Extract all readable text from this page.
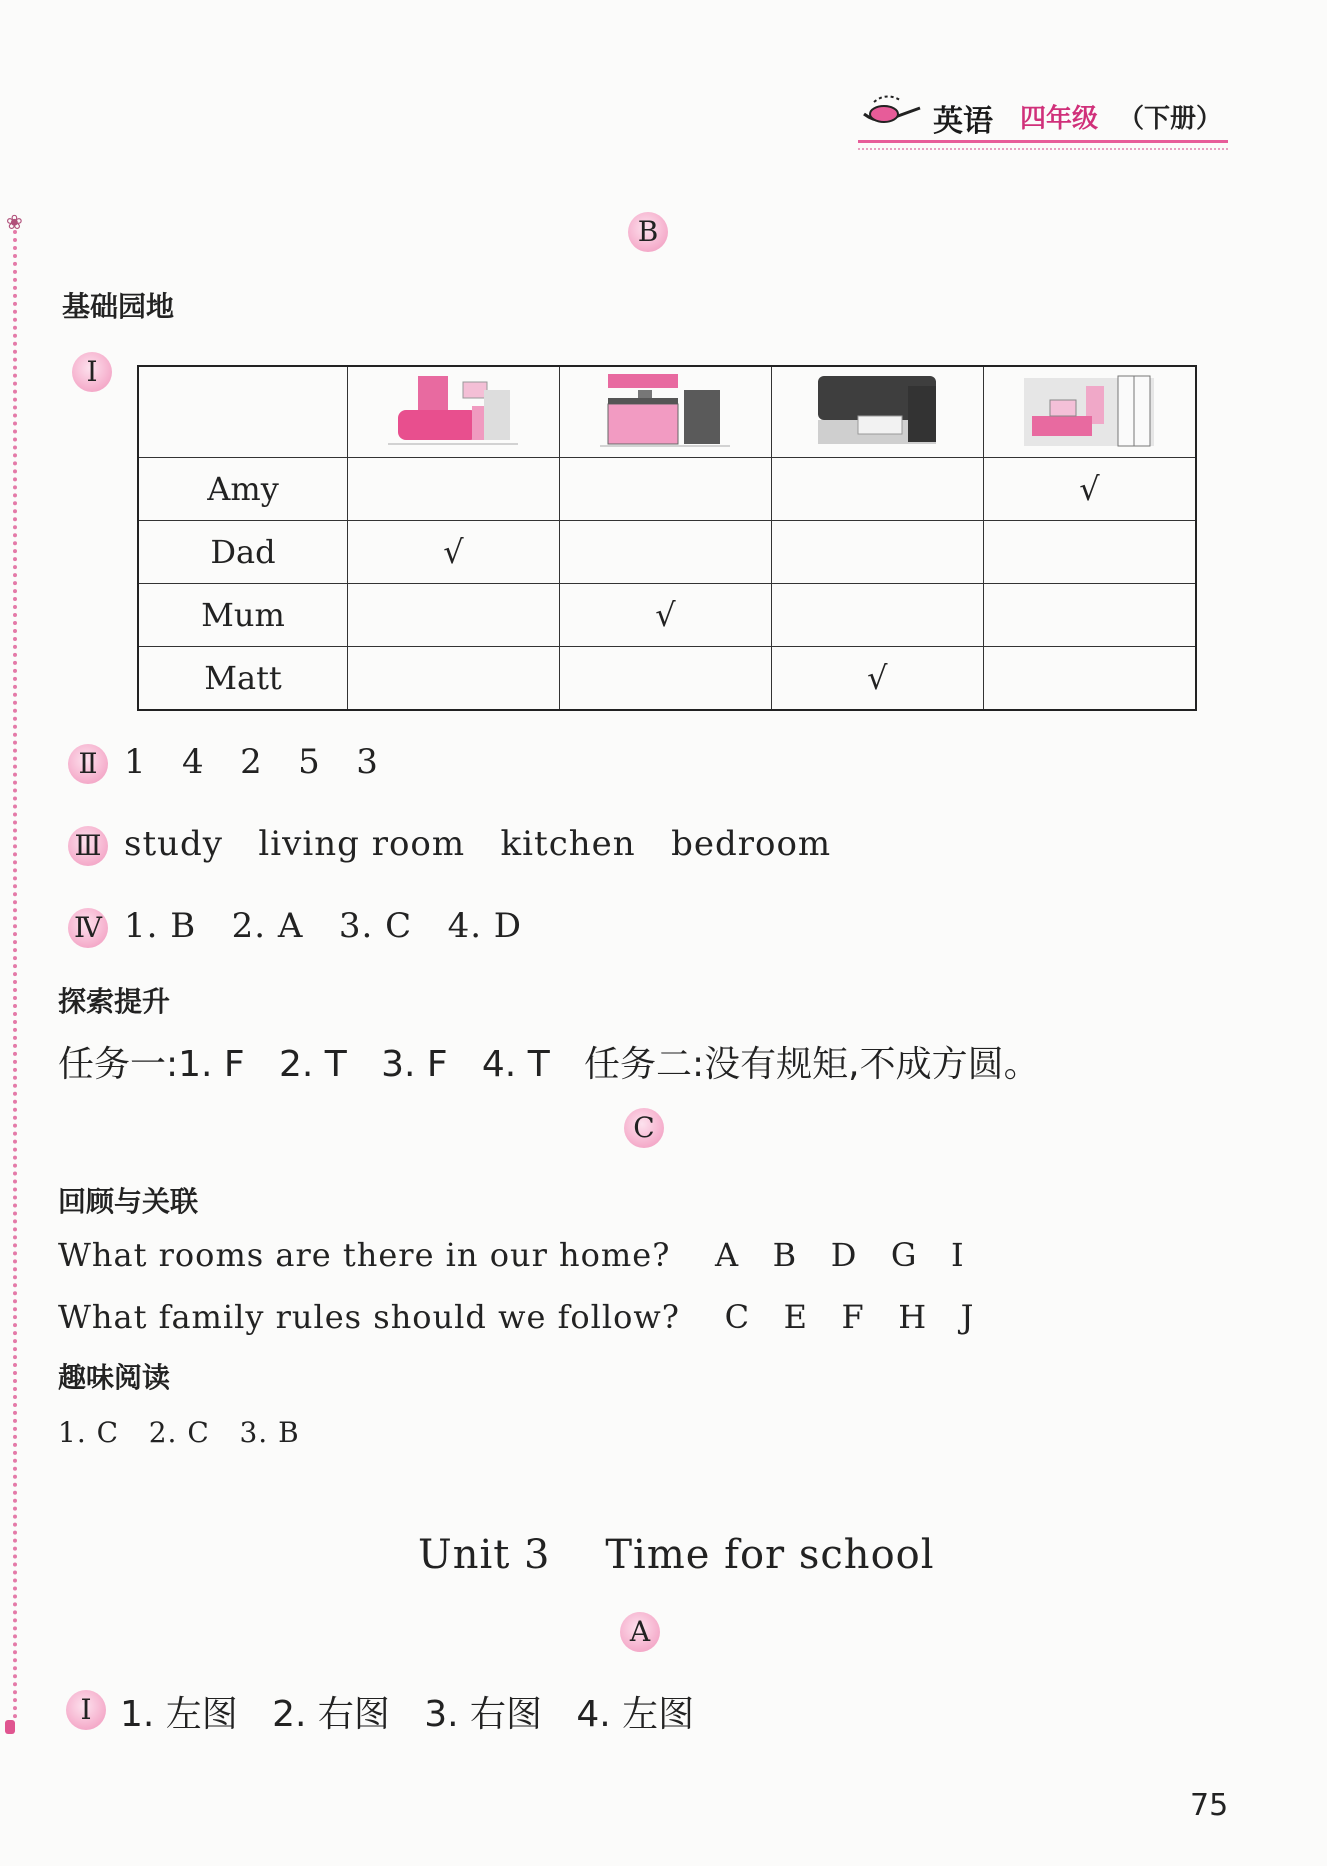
英语 四年级 （下册）
❀	B
基础园地
I

Amy				√
Dad	√			
Mum		√		
Matt			√	
Ⅱ 1   4   2   5   3
Ⅲ study   living room   kitchen   bedroom
Ⅳ 1. B   2. A   3. C   4. D
探索提升
任务一:1. F   2. T   3. F   4. T   任务二:没有规矩,不成方圆。
C
回顾与关联
What rooms are there in our home?    A   B   D   G   I
What family rules should we follow?    C   E   F   H   J
趣味阅读
1. C   2. C   3. B
Unit 3    Time for school
A
I 1. 左图   2. 右图   3. 右图   4. 左图
75
